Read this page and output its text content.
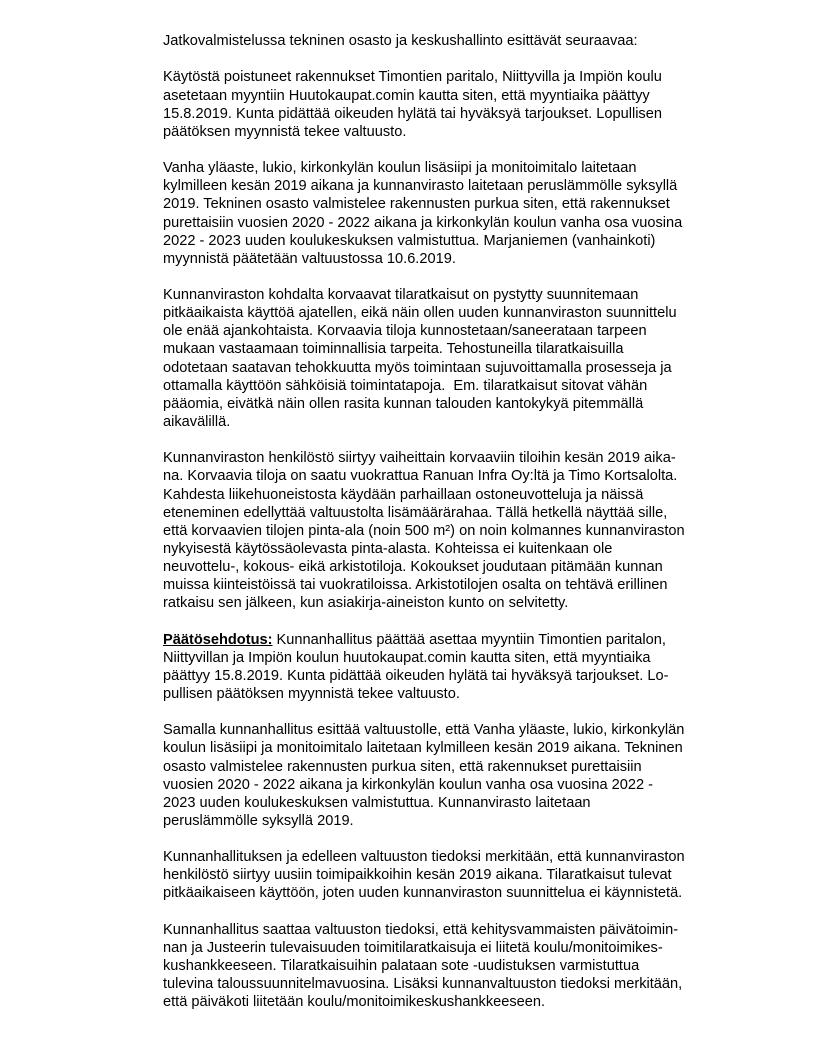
Jatkovalmistelussa tekninen osasto ja keskushallinto esittävät seuraavaa:
Käytöstä poistuneet rakennukset Timontien paritalo, Niittyvilla ja Impiön koulu
asetetaan myyntiin Huutokaupat.comin kautta siten, että myyntiaika päättyy
15.8.2019. Kunta pidättää oikeuden hylätä tai hyväksyä tarjoukset. Lopullisen
päätöksen myynnistä tekee valtuusto.
Vanha yläaste, lukio, kirkonkylän koulun lisäsiipi ja monitoimitalo laitetaan
kylmilleen kesän 2019 aikana ja kunnanvirasto laitetaan peruslämmölle syksyllä
2019. Tekninen osasto valmistelee rakennusten purkua siten, että rakennukset
purettaisiin vuosien 2020 - 2022 aikana ja kirkonkylän koulun vanha osa vuosina
2022 - 2023 uuden koulukeskuksen valmistuttua. Marjaniemen (vanhainkoti)
myynnistä päätetään valtuustossa 10.6.2019.
Kunnanviraston kohdalta korvaavat tilaratkaisut on pystytty suunnitemaan
pitkäaikaista käyttöä ajatellen, eikä näin ollen uuden kunnanviraston suunnittelu
ole enää ajankohtaista. Korvaavia tiloja kunnostetaan/saneerataan tarpeen
mukaan vastaamaan toiminnallisia tarpeita. Tehostuneilla tilaratkaisuilla
odotetaan saatavan tehokkuutta myös toimintaan sujuvoittamalla prosesseja ja
ottamalla käyttöön sähköisiä toimintatapoja.  Em. tilaratkaisut sitovat vähän
pääomia, eivätkä näin ollen rasita kunnan talouden kantokykyä pitemmällä
aikavälillä.
Kunnanviraston henkilöstö siirtyy vaiheittain korvaaviin tiloihin kesän 2019 aika-
na. Korvaavia tiloja on saatu vuokrattua Ranuan Infra Oy:ltä ja Timo Kortsalolta.
Kahdesta liikehuoneistosta käydään parhaillaan ostoneuvotteluja ja näissä
eteneminen edellyttää valtuustolta lisämäärärahaa. Tällä hetkellä näyttää sille,
että korvaavien tilojen pinta-ala (noin 500 m²) on noin kolmannes kunnanviraston
nykyisestä käytössäolevasta pinta-alasta. Kohteissa ei kuitenkaan ole
neuvottelu-, kokous- eikä arkistotiloja. Kokoukset joudutaan pitämään kunnan
muissa kiinteistöissä tai vuokratiloissa. Arkistotilojen osalta on tehtävä erillinen
ratkaisu sen jälkeen, kun asiakirja-aineiston kunto on selvitetty.
Päätösehdotus: Kunnanhallitus päättää asettaa myyntiin Timontien paritalon,
Niittyvillan ja Impiön koulun huutokaupat.comin kautta siten, että myyntiaika
päättyy 15.8.2019. Kunta pidättää oikeuden hylätä tai hyväksyä tarjoukset. Lo-
pullisen päätöksen myynnistä tekee valtuusto.
Samalla kunnanhallitus esittää valtuustolle, että Vanha yläaste, lukio, kirkonkylän
koulun lisäsiipi ja monitoimitalo laitetaan kylmilleen kesän 2019 aikana. Tekninen
osasto valmistelee rakennusten purkua siten, että rakennukset purettaisiin
vuosien 2020 - 2022 aikana ja kirkonkylän koulun vanha osa vuosina 2022 -
2023 uuden koulukeskuksen valmistuttua. Kunnanvirasto laitetaan
peruslämmölle syksyllä 2019.
Kunnanhallituksen ja edelleen valtuuston tiedoksi merkitään, että kunnanviraston
henkilöstö siirtyy uusiin toimipaikkoihin kesän 2019 aikana. Tilaratkaisut tulevat
pitkäaikaiseen käyttöön, joten uuden kunnanviraston suunnittelua ei käynnistetä.
Kunnanhallitus saattaa valtuuston tiedoksi, että kehitysvammaisten päivätoimin-
nan ja Justeerin tulevaisuuden toimitilaratkaisuja ei liitetä koulu/monitoimikes-
kushankkeeseen. Tilaratkaisuihin palataan sote -uudistuksen varmistuttua
tulevina taloussuunnitelmavuosina. Lisäksi kunnanvaltuuston tiedoksi merkitään,
että päiväkoti liitetään koulu/monitoimikeskushankkeeseen.
